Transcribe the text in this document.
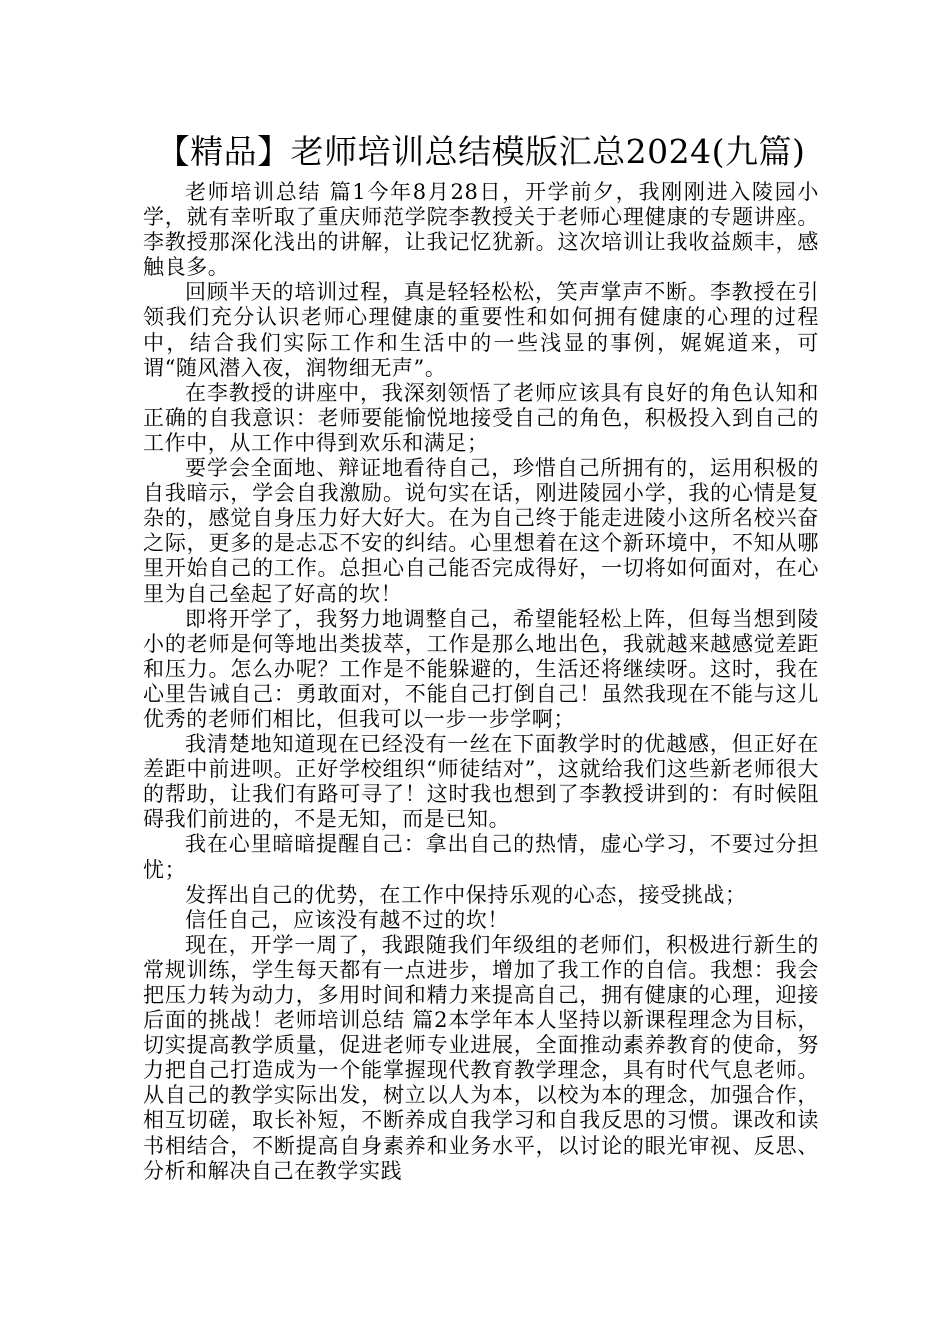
【精品】老师培训总结模版汇总2024(九篇)

老师培训总结 篇1今年8月28日，开学前夕，我刚刚进入陵园小学，就有幸听取了重庆师范学院李教授关于老师心理健康的专题讲座。李教授那深化浅出的讲解，让我记忆犹新。这次培训让我收益颇丰，感触良多。

回顾半天的培训过程，真是轻轻松松，笑声掌声不断。李教授在引领我们充分认识老师心理健康的重要性和如何拥有健康的心理的过程中，结合我们实际工作和生活中的一些浅显的事例，娓娓道来，可谓“随风潜入夜，润物细无声”。

在李教授的讲座中，我深刻领悟了老师应该具有良好的角色认知和正确的自我意识：老师要能愉悦地接受自己的角色，积极投入到自己的工作中，从工作中得到欢乐和满足；

要学会全面地、辩证地看待自己，珍惜自己所拥有的，运用积极的自我暗示，学会自我激励。说句实在话，刚进陵园小学，我的心情是复杂的，感觉自身压力好大好大。在为自己终于能走进陵小这所名校兴奋之际，更多的是忐忑不安的纠结。心里想着在这个新环境中，不知从哪里开始自己的工作。总担心自己能否完成得好，一切将如何面对，在心里为自己垒起了好高的坎！

即将开学了，我努力地调整自己，希望能轻松上阵，但每当想到陵小的老师是何等地出类拔萃，工作是那么地出色，我就越来越感觉差距和压力。怎么办呢？工作是不能躲避的，生活还将继续呀。这时，我在心里告诫自己：勇敢面对，不能自己打倒自己！虽然我现在不能与这儿优秀的老师们相比，但我可以一步一步学啊；

我清楚地知道现在已经没有一丝在下面教学时的优越感，但正好在差距中前进呗。正好学校组织“师徒结对”，这就给我们这些新老师很大的帮助，让我们有路可寻了！这时我也想到了李教授讲到的：有时候阻碍我们前进的，不是无知，而是已知。

我在心里暗暗提醒自己：拿出自己的热情，虚心学习，不要过分担忧；

发挥出自己的优势，在工作中保持乐观的心态，接受挑战；

信任自己，应该没有越不过的坎！

现在，开学一周了，我跟随我们年级组的老师们，积极进行新生的常规训练，学生每天都有一点进步，增加了我工作的自信。我想：我会把压力转为动力，多用时间和精力来提高自己，拥有健康的心理，迎接后面的挑战！老师培训总结 篇2本学年本人坚持以新课程理念为目标，切实提高教学质量，促进老师专业进展，全面推动素养教育的使命，努力把自己打造成为一个能掌握现代教育教学理念，具有时代气息老师。从自己的教学实际出发，树立以人为本，以校为本的理念，加强合作，相互切磋，取长补短，不断养成自我学习和自我反思的习惯。课改和读书相结合，不断提高自身素养和业务水平，以讨论的眼光审视、反思、分析和解决自己在教学实践
